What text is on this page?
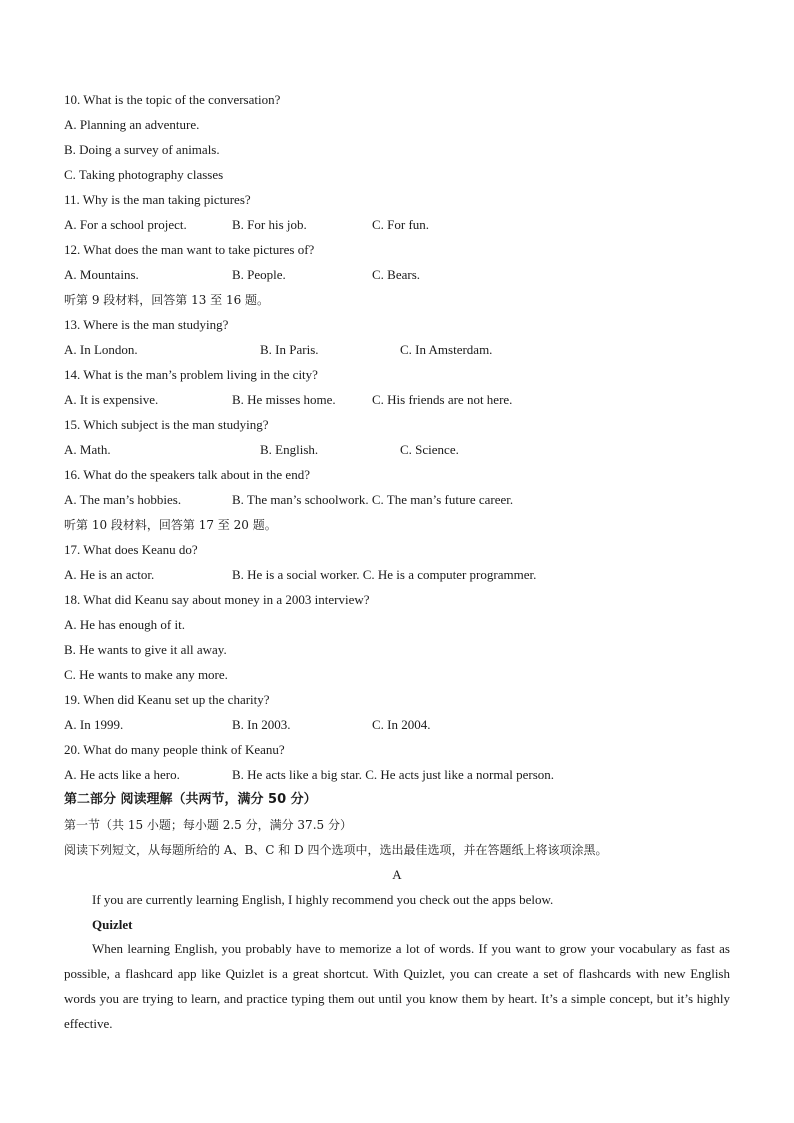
10. What is the topic of the conversation?
A. Planning an adventure.
B. Doing a survey of animals.
C. Taking photography classes
11. Why is the man taking pictures?
A. For a school project.	B. For his job.	C. For fun.
12. What does the man want to take pictures of?
A. Mountains.	B. People.	C. Bears.
听第 9 段材料，回答第 13 至 16 题。
13. Where is the man studying?
A. In London.	B. In Paris.	C. In Amsterdam.
14. What is the man’s problem living in the city?
A. It is expensive.	B. He misses home.	C. His friends are not here.
15. Which subject is the man studying?
A. Math.	B. English.	C. Science.
16. What do the speakers talk about in the end?
A. The man’s hobbies.	B. The man’s schoolwork. C. The man’s future career.
听第 10 段材料，回答第 17 至 20 题。
17. What does Keanu do?
A. He is an actor.	B. He is a social worker. C. He is a computer programmer.
18. What did Keanu say about money in a 2003 interview?
A. He has enough of it.
B. He wants to give it all away.
C. He wants to make any more.
19. When did Keanu set up the charity?
A. In 1999.	B. In 2003.	C. In 2004.
20. What do many people think of Keanu?
A. He acts like a hero.	B. He acts like a big star. C. He acts just like a normal person.
第二部分 阅读理解（共两节，满分 50 分）
第一节（共 15 小题；每小题 2.5 分，满分 37.5 分）
阅读下列短文，从每题所给的 A、B、C 和 D 四个选项中，选出最佳选项，并在答题纸上将该项涂黑。
A
If you are currently learning English, I highly recommend you check out the apps below.
Quizlet
When learning English, you probably have to memorize a lot of words. If you want to grow your vocabulary as fast as possible, a flashcard app like Quizlet is a great shortcut. With Quizlet, you can create a set of flashcards with new English words you are trying to learn, and practice typing them out until you know them by heart. It’s a simple concept, but it’s highly effective.
